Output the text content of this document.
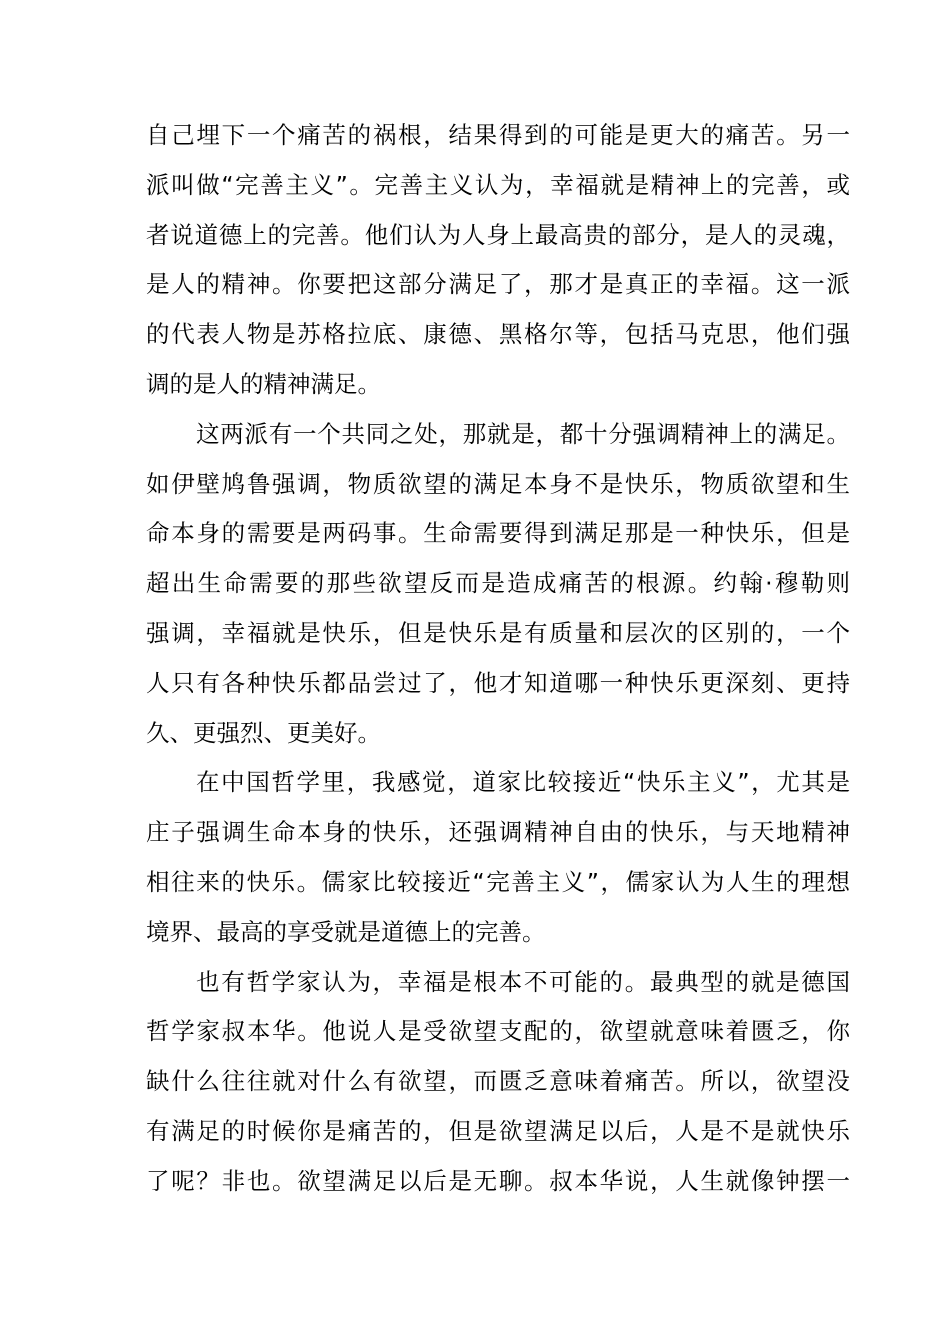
自己埋下一个痛苦的祸根，结果得到的可能是更大的痛苦。另一
派叫做“完善主义”。完善主义认为，幸福就是精神上的完善，或
者说道德上的完善。他们认为人身上最高贵的部分，是人的灵魂，
是人的精神。你要把这部分满足了，那才是真正的幸福。这一派
的代表人物是苏格拉底、康德、黑格尔等，包括马克思，他们强
调的是人的精神满足。
这两派有一个共同之处，那就是，都十分强调精神上的满足。
如伊壁鸠鲁强调，物质欲望的满足本身不是快乐，物质欲望和生
命本身的需要是两码事。生命需要得到满足那是一种快乐，但是
超出生命需要的那些欲望反而是造成痛苦的根源。约翰·穆勒则
强调，幸福就是快乐，但是快乐是有质量和层次的区别的，一个
人只有各种快乐都品尝过了，他才知道哪一种快乐更深刻、更持
久、更强烈、更美好。
在中国哲学里，我感觉，道家比较接近“快乐主义”，尤其是
庄子强调生命本身的快乐，还强调精神自由的快乐，与天地精神
相往来的快乐。儒家比较接近“完善主义”，儒家认为人生的理想
境界、最高的享受就是道德上的完善。
也有哲学家认为，幸福是根本不可能的。最典型的就是德国
哲学家叔本华。他说人是受欲望支配的，欲望就意味着匮乏，你
缺什么往往就对什么有欲望，而匮乏意味着痛苦。所以，欲望没
有满足的时候你是痛苦的，但是欲望满足以后，人是不是就快乐
了呢？非也。欲望满足以后是无聊。叔本华说，人生就像钟摆一
